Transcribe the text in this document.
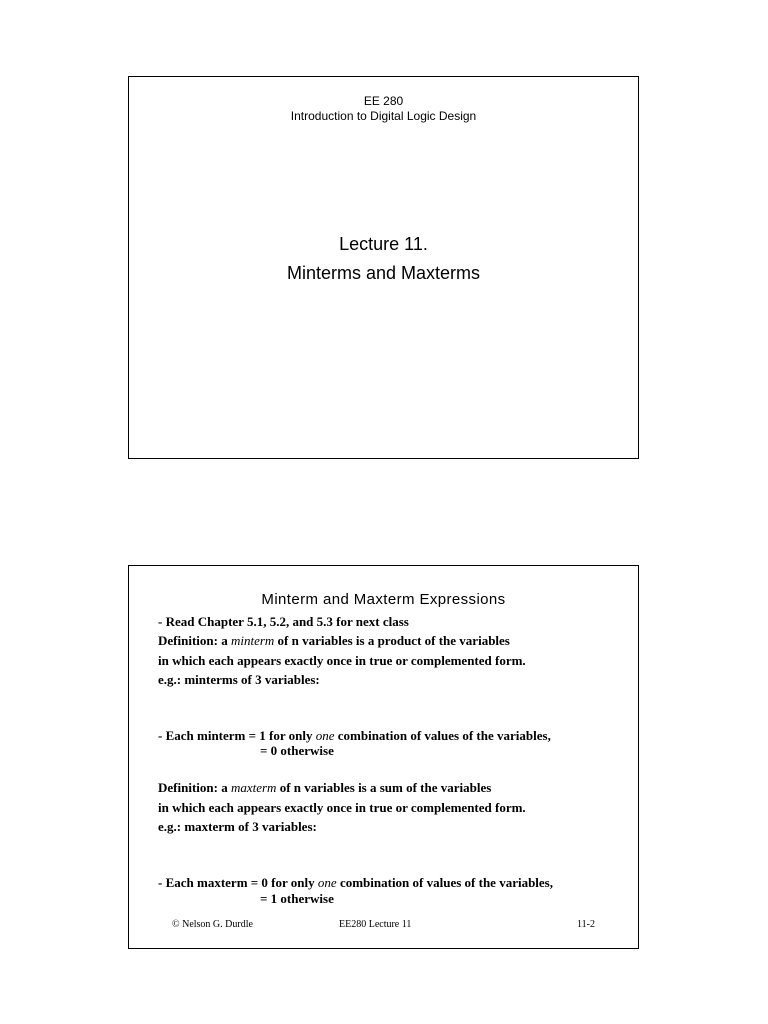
EE 280
Introduction to Digital Logic Design
Lecture 11.
Minterms and Maxterms
Minterm and Maxterm Expressions
- Read Chapter 5.1, 5.2, and 5.3 for next class
Definition: a minterm of n variables is a product of the variables
in which each appears exactly once in true or complemented form.
e.g.: minterms of 3 variables:
- Each minterm = 1 for only one combination of values of the variables,
= 0 otherwise
Definition: a maxterm of n variables is a sum of the variables
in which each appears exactly once in true or complemented form.
e.g.: maxterm of 3 variables:
- Each maxterm = 0 for only one combination of values of the variables,
= 1 otherwise
© Nelson G. Durdle	EE280 Lecture 11	11-2
